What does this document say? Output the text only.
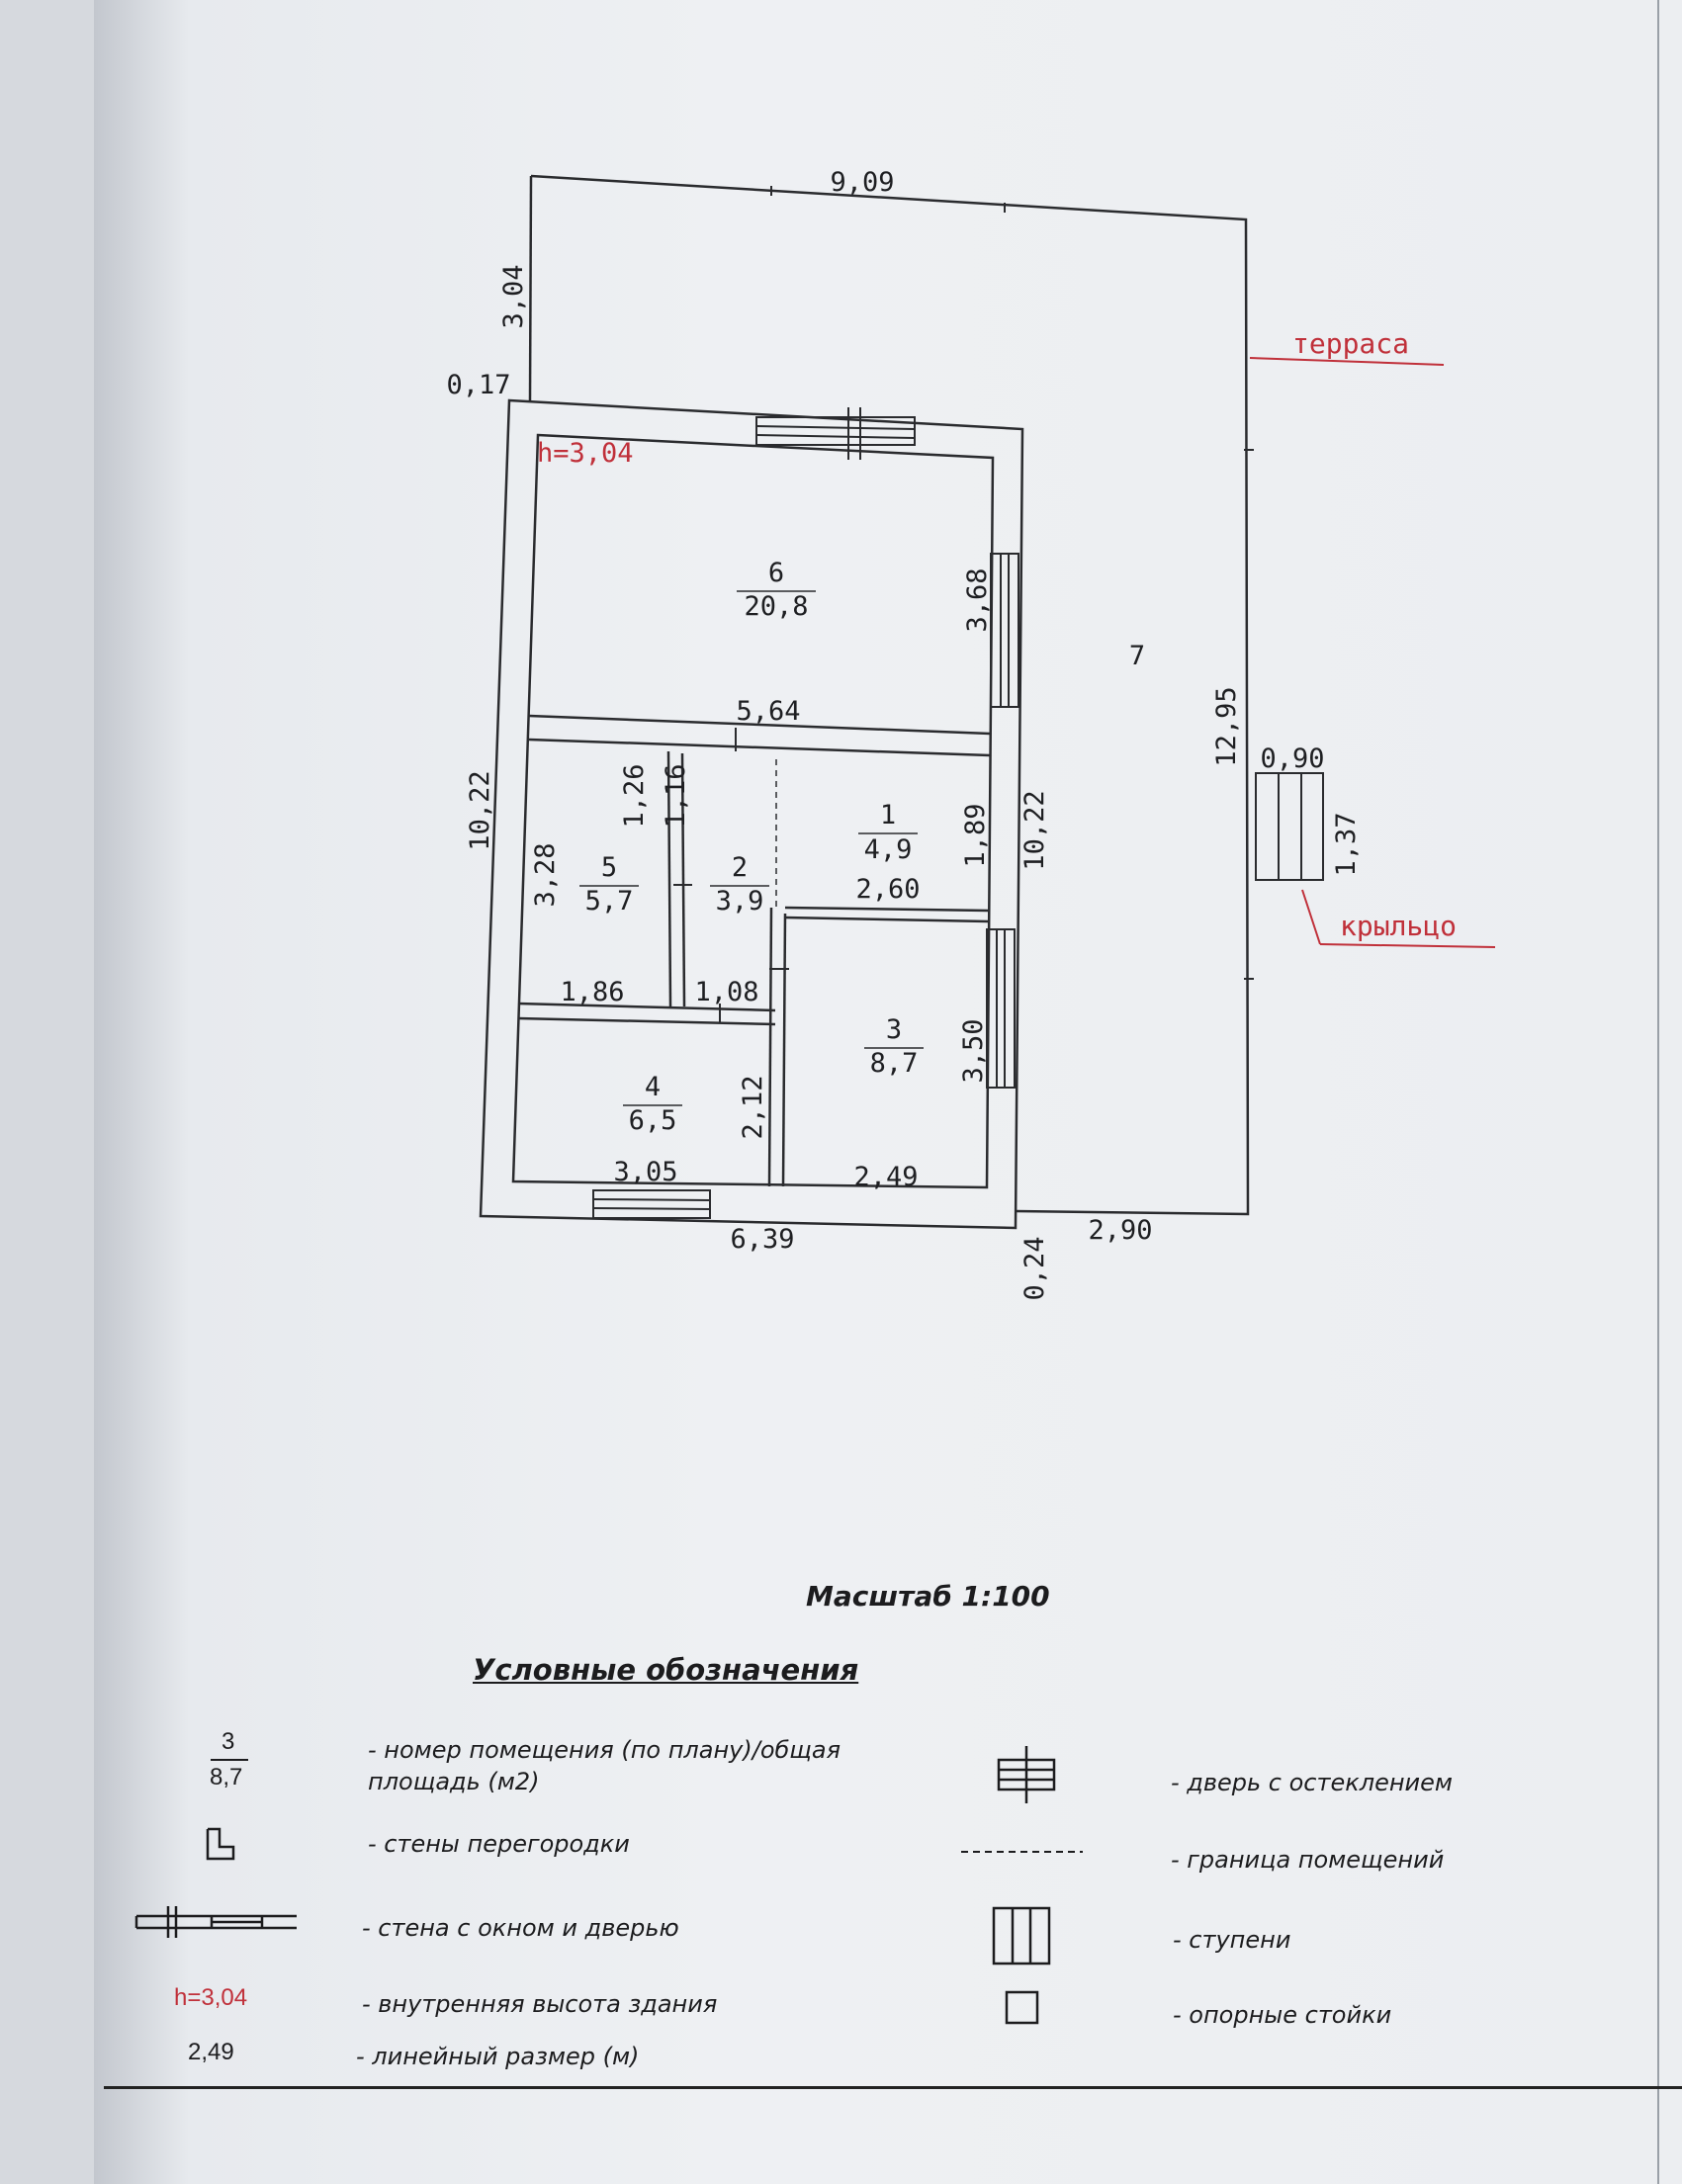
h=3,04
терраса
крыльцо
6
20,8
1
4,9
5
5,7
2
3,9
3
8,7
4
6,5
7
9,09
0,17
5,64
2,60
1,86	1,08
3,05	2,49
6,39	2,90
0,90
3,04
3,68
10,22	1,26 1,16
3,28
1,89 10,22
12,95
1,37
3,50
2,12
0,24
Масштаб 1:100
Условные обозначения
3
8,7
- номер помещения (по плану)/общая
площадь (м2)
- стены перегородки
- стена с окном и дверью
h=3,04	- внутренняя высота здания
2,49	- линейный размер (м)
- дверь с остеклением
- граница помещений
- ступени
- опорные стойки
